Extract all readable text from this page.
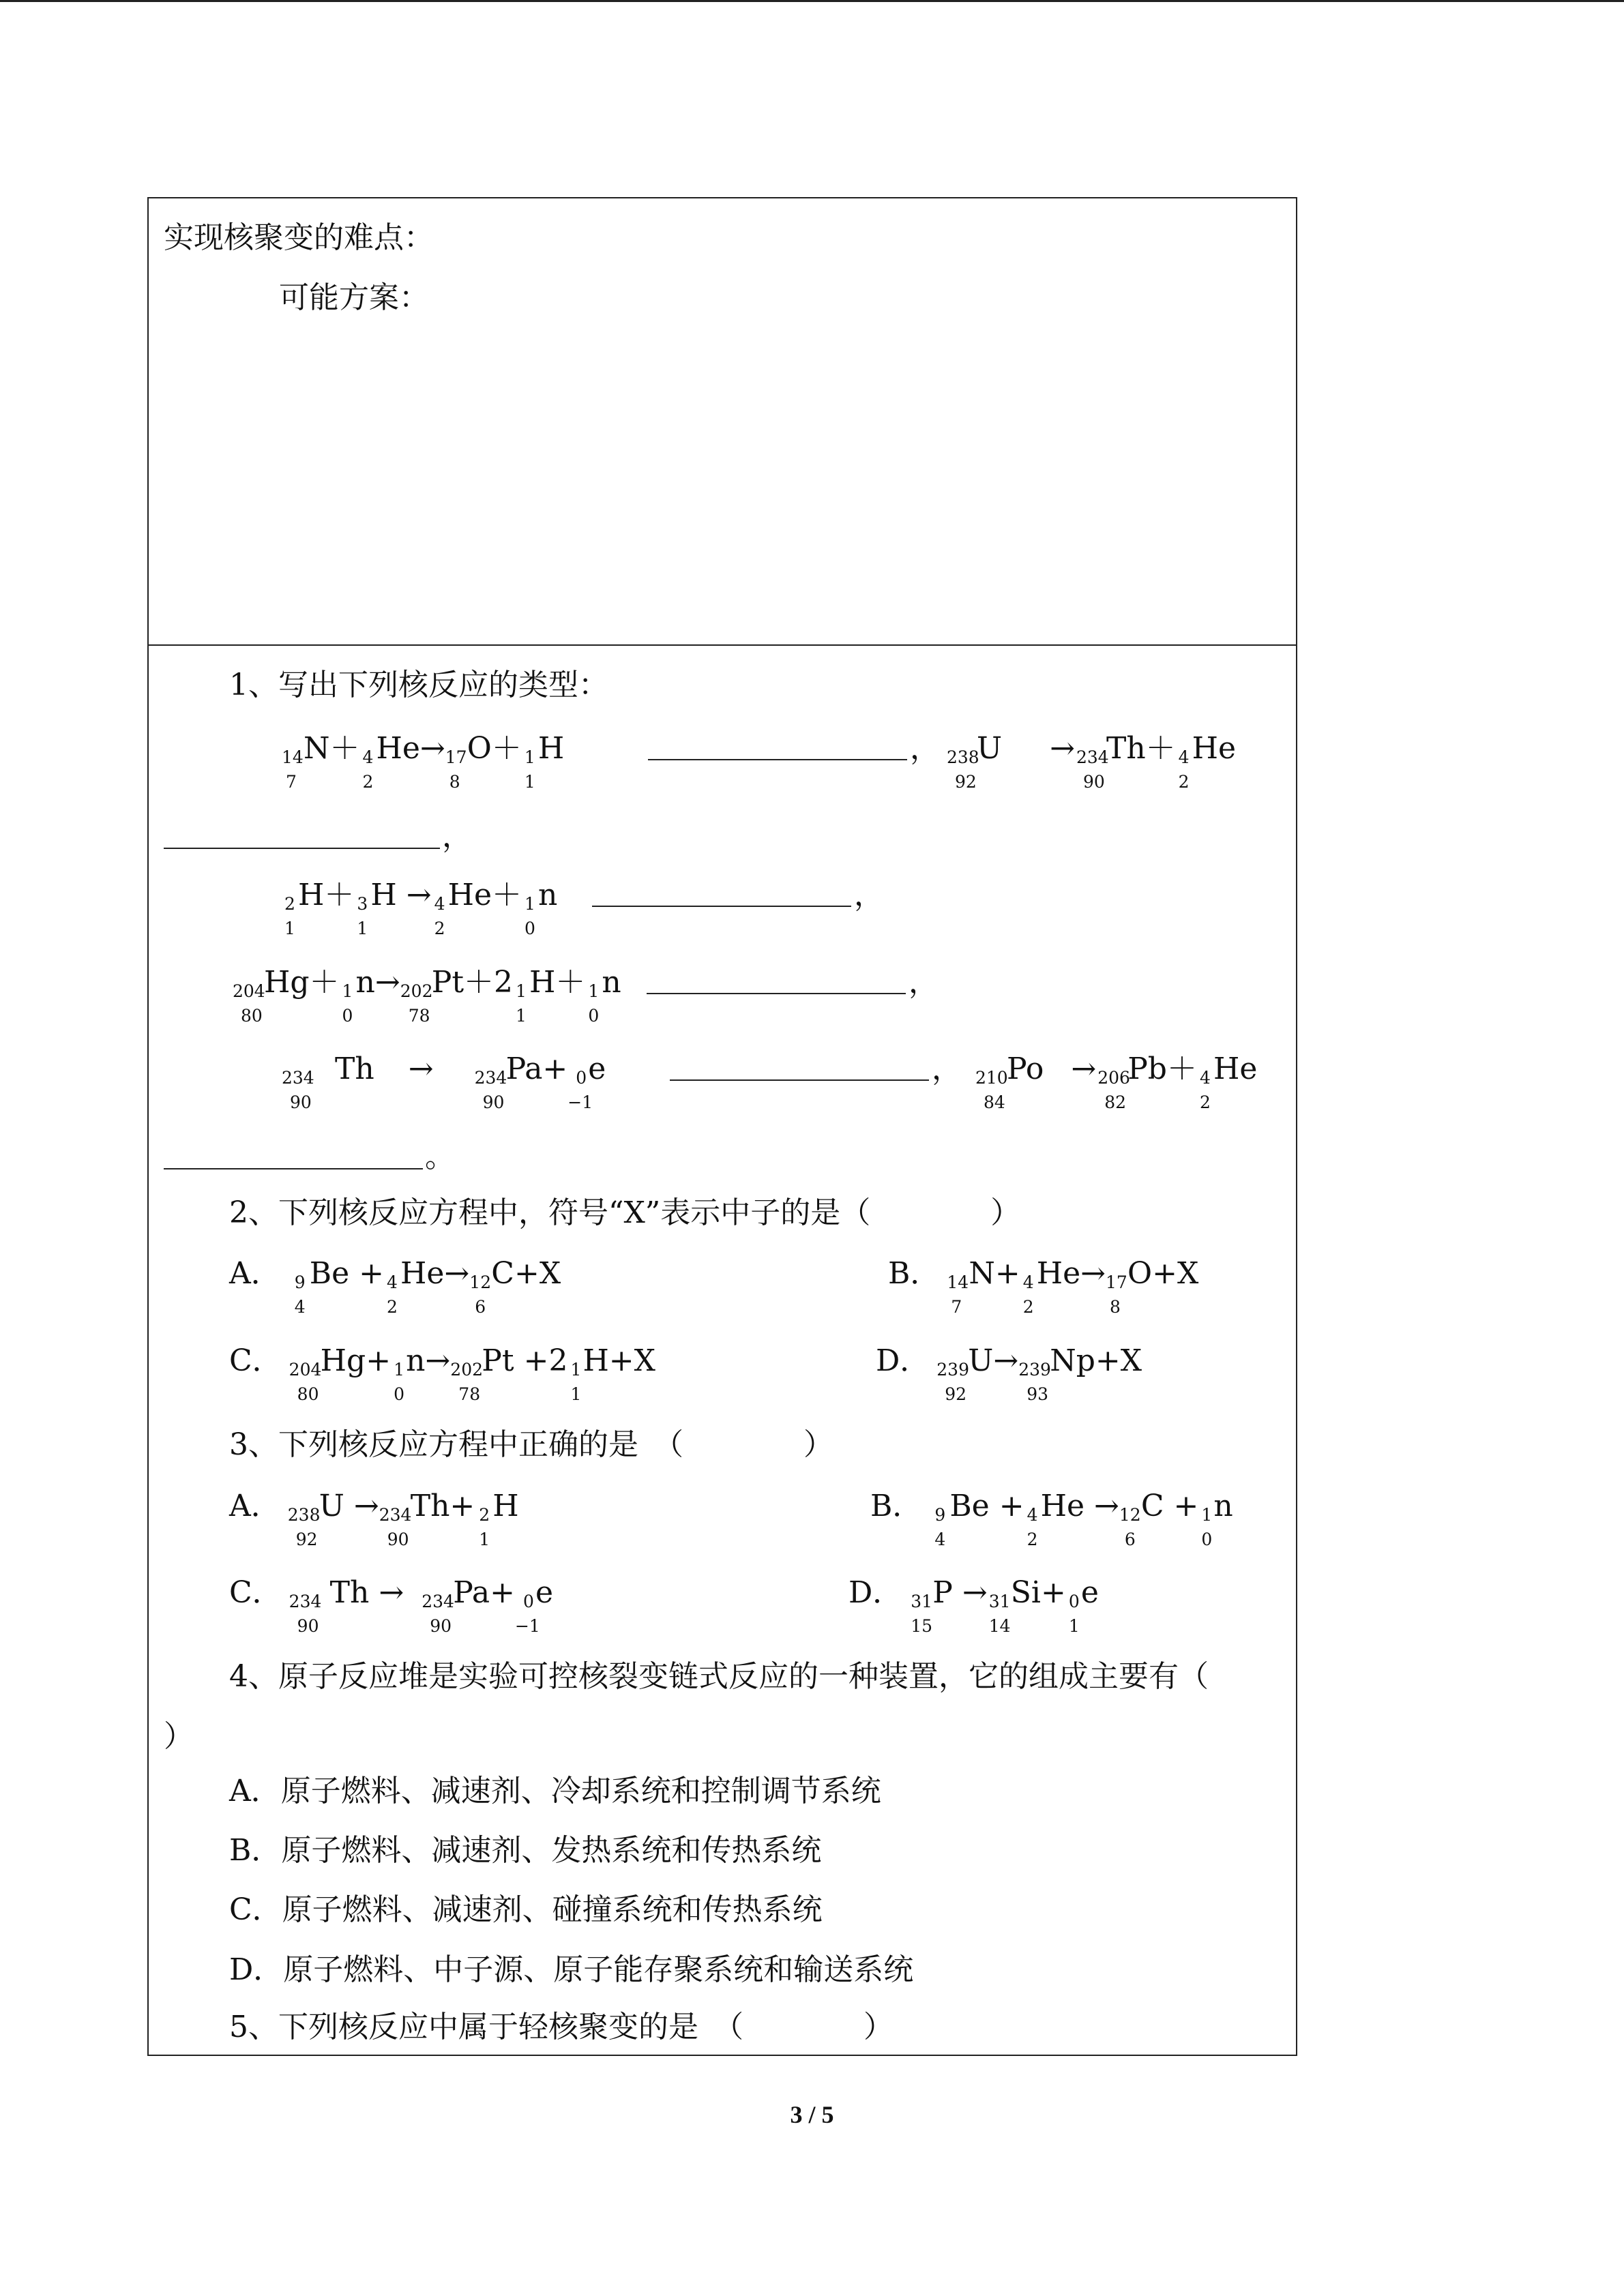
实现核聚变的难点：
可能方案：
1、写出下列核反应的类型：
14
7
N＋ 4
2
He→ 17
8
O＋ 1
1
H	， 238
92
U → 234
90
Th＋ 4
2
He
，
2
1
H＋ 3
1
H → 4
2
He＋ 1
0
n	，
204
80
Hg＋ 1
0
n→ 202
78
Pt＋2 1
1
H＋ 1
0
n	，
234
90
Th → 234
90
Pa+ 0
−1
e	， 210
84
Po → 206
82
Pb＋ 4
2
He
。
2、下列核反应方程中，符号“X”表示中子的是（　　　　）
A． 9
4
Be + 4
2
He→ 12
6
C+X	B． 14
7
N+ 4
2
He→ 17
8
O+X
C． 204
80
Hg+ 1
0
n→ 202
78
Pt +2 1
1
H+X	D． 239
92
U→ 239
93
Np+X
3、下列核反应方程中正确的是　（　　　　）
A． 238
92
U → 234
90
Th+ 2
1
H	B． 9
4
Be + 4
2
He → 12
6
C + 1
0
n
C． 234
90
Th → 234
90
Pa+ 0
−1
e	D． 31
15
P → 31
14
Si+ 0
1
e
4、原子反应堆是实验可控核裂变链式反应的一种装置，它的组成主要有（
）
A．原子燃料、减速剂、冷却系统和控制调节系统
B．原子燃料、减速剂、发热系统和传热系统
C．原子燃料、减速剂、碰撞系统和传热系统
D．原子燃料、中子源、原子能存聚系统和输送系统
5、下列核反应中属于轻核聚变的是　（　　　　）
3 / 5
